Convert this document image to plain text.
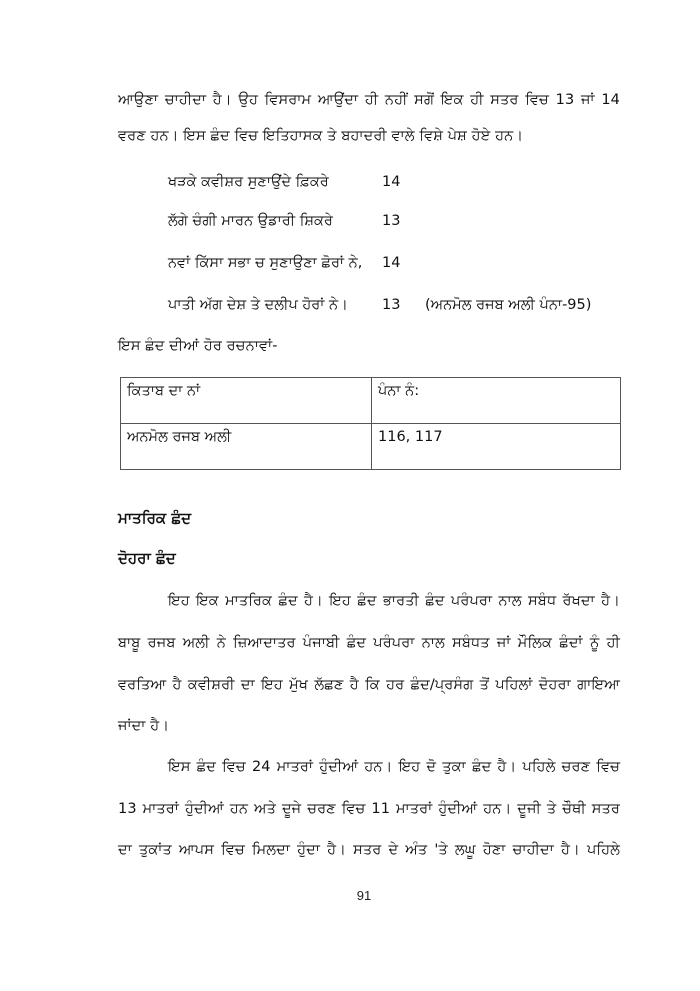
ਆਉਣਾ ਚਾਹੀਦਾ ਹੈ। ਉਹ ਵਿਸਰਾਮ ਆਉਂਦਾ ਹੀ ਨਹੀਂ ਸਗੋਂ ਇਕ ਹੀ ਸਤਰ ਵਿਚ 13 ਜਾਂ 14
ਵਰਣ ਹਨ। ਇਸ ਛੰਦ ਵਿਚ ਇਤਿਹਾਸਕ ਤੇ ਬਹਾਦਰੀ ਵਾਲੇ ਵਿਸ਼ੇ ਪੇਸ਼ ਹੋਏ ਹਨ।
ਖੜਕੇ ਕਵੀਸ਼ਰ ਸੁਣਾਉਂਦੇ ਫ਼ਿਕਰੇ	14
ਲੱਗੇ ਚੰਗੀ ਮਾਰਨ ਉਡਾਰੀ ਸ਼ਿਕਰੇ	13
ਨਵਾਂ ਕਿੱਸਾ ਸਭਾ ਚ ਸੁਣਾਉਣਾ ਛੋਰਾਂ ਨੇ, 14
ਪਾਤੀ ਅੱਗ ਦੇਸ਼ ਤੇ ਦਲੀਪ ਹੋਰਾਂ ਨੇ। 13 (ਅਨਮੋਲ ਰਜਬ ਅਲੀ ਪੰਨਾ-95)
ਇਸ ਛੰਦ ਦੀਆਂ ਹੋਰ ਰਚਨਾਵਾਂ-
ਕਿਤਾਬ ਦਾ ਨਾਂ	ਪੰਨਾ ਨੰ:
ਅਨਮੋਲ ਰਜਬ ਅਲੀ	116, 117
ਮਾਤਰਿਕ ਛੰਦ
ਦੋਹਰਾ ਛੰਦ
ਇਹ ਇਕ ਮਾਤਰਿਕ ਛੰਦ ਹੈ। ਇਹ ਛੰਦ ਭਾਰਤੀ ਛੰਦ ਪਰੰਪਰਾ ਨਾਲ ਸਬੰਧ ਰੱਖਦਾ ਹੈ।
ਬਾਬੂ ਰਜਬ ਅਲੀ ਨੇ ਜ਼ਿਆਦਾਤਰ ਪੰਜਾਬੀ ਛੰਦ ਪਰੰਪਰਾ ਨਾਲ ਸਬੰਧਤ ਜਾਂ ਮੌਲਿਕ ਛੰਦਾਂ ਨੂੰ ਹੀ
ਵਰਤਿਆ ਹੈ ਕਵੀਸ਼ਰੀ ਦਾ ਇਹ ਮੁੱਖ ਲੱਛਣ ਹੈ ਕਿ ਹਰ ਛੰਦ/ਪ੍ਰਸੰਗ ਤੋਂ ਪਹਿਲਾਂ ਦੋਹਰਾ ਗਾਇਆ
ਜਾਂਦਾ ਹੈ।
ਇਸ ਛੰਦ ਵਿਚ 24 ਮਾਤਰਾਂ ਹੁੰਦੀਆਂ ਹਨ। ਇਹ ਦੋ ਤੁਕਾ ਛੰਦ ਹੈ। ਪਹਿਲੇ ਚਰਣ ਵਿਚ
13 ਮਾਤਰਾਂ ਹੁੰਦੀਆਂ ਹਨ ਅਤੇ ਦੂਜੇ ਚਰਣ ਵਿਚ 11 ਮਾਤਰਾਂ ਹੁੰਦੀਆਂ ਹਨ। ਦੂਜੀ ਤੇ ਚੌਥੀ ਸਤਰ
ਦਾ ਤੁਕਾਂਤ ਆਪਸ ਵਿਚ ਮਿਲਦਾ ਹੁੰਦਾ ਹੈ। ਸਤਰ ਦੇ ਅੰਤ 'ਤੇ ਲਘੂ ਹੋਣਾ ਚਾਹੀਦਾ ਹੈ। ਪਹਿਲੇ
91
